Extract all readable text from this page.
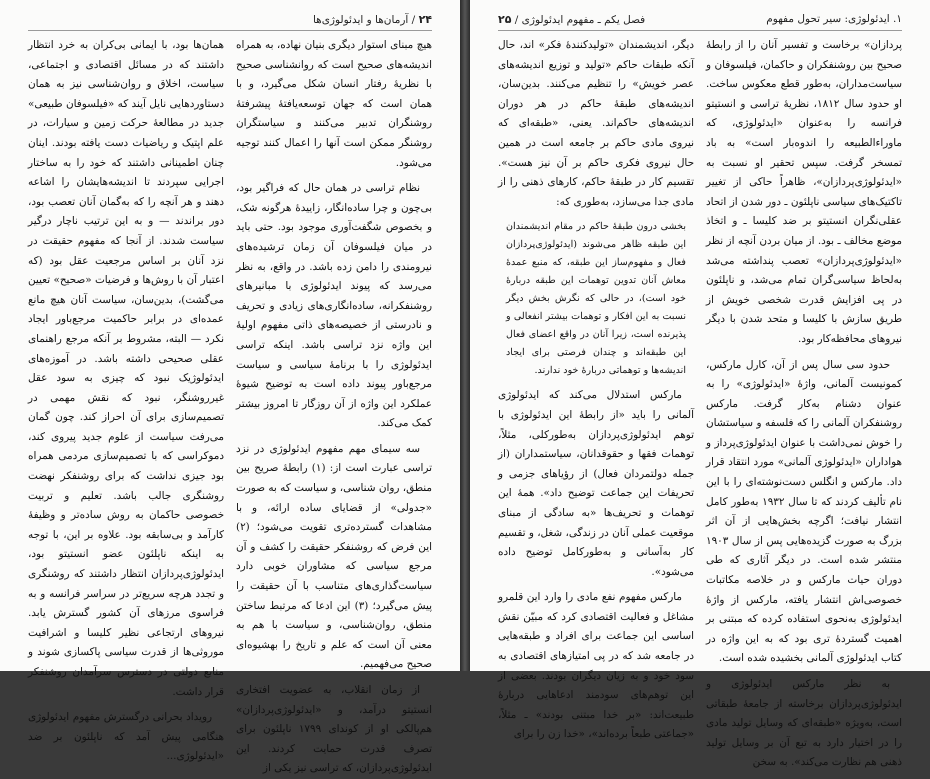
۲۴ / آرمان‌ها و ایدئولوژی‌ها

هیچ مبنای استوار دیگری بنیان نهاده، به همراه اندیشه‌های صحیح است که روانشناسی صحیح با نظریهٔ رفتار انسان شکل می‌گیرد، و با همان است که جهان توسعه‌یافتهٔ پیشرفتهٔ روشنگران تدبیر می‌کنند و سیاستگران روشنگر ممکن است آنها را اعمال کنند توجیه می‌شود.

نظام تراسی در همان حال که فراگیر بود، بی‌چون و چرا ساده‌انگار، زاییدهٔ هرگونه شک، و بخصوص شگفت‌آوری موجود بود. حتی باید در میان فیلسوفان آن زمان ترشیده‌های نیرومندی را دامن زده باشد. در واقع، به نظر می‌رسد که پیوند ایدئولوژی با مبانیرهای روشنفکرانه، ساده‌انگاری‌های زیادی و تحریف و نادرستی از خصیصه‌های ذاتی مفهوم اولیهٔ این واژه نزد تراسی باشد. اینکه تراسی ایدئولوژی را با برنامهٔ سیاسی و سیاست مرجع‌باور پیوند داده است به توضیح شیوهٔ عملکرد این واژه از آن روزگار تا امروز بیشتر کمک می‌کند.

سه سیمای مهم مفهوم ایدئولوژی در نزد تراسی عبارت است از: (۱) رابطهٔ صریح بین منطق، روان شناسی، و سیاست که به صورت «جدولی» از قضایای ساده ارائه، و با مشاهدات گسترده‌تری تقویت می‌شود؛ (۲) این فرض که روشنفکر حقیقت را کشف و آن مرجع سیاسی که مشاوران خوبی دارد سیاست‌گذاری‌های متناسب با آن حقیقت را پیش می‌گیرد؛ (۳) این ادعا که مرتبط ساختن منطق، روان‌شناسی، و سیاست با هم به معنی آن است که علم و تاریخ را بهشیوه‌ای صحیح می‌فهمیم.

از زمان انقلاب، به عضویت افتخاری انستیتو درآمد، و «ایدئولوژی‌پردازان» هم‌پالکی او از کوندای ۱۷۹۹ ناپلئون برای تصرف قدرت حمایت کردند. این ایدئولوژی‌پردازان، که تراسی نیز یکی از

همان‌ها بود، با ایمانی بی‌کران به خرد انتظار داشتند که در مسائل اقتصادی و اجتماعی، سیاست، اخلاق و روان‌شناسی نیز به همان دستاوردهایی نایل آیند که «فیلسوفان طبیعی» جدید در مطالعهٔ حرکت زمین و سیارات، در علم اپتیک و ریاضیات دست یافته بودند. اینان چنان اطمینانی داشتند که خود را به ساختار اجرایی سپردند تا اندیشه‌هایشان را اشاعه دهند و هر آنچه را که به‌گمان آنان تعصب بود، دور براندند — و به این ترتیب ناچار درگیر سیاست شدند. از آنجا که مفهوم حقیقت در نزد آنان بر اساس مرجعیت عقل بود (که اعتبار آن با روش‌ها و فرضیات «صحیح» تعیین می‌گشت)، بدین‌سان، سیاست آنان هیچ مانع عمده‌ای در برابر حاکمیت مرجع‌باور ایجاد نکرد — البته، مشروط بر آنکه مرجع راهنمای عقلی صحیحی داشته باشد. در آموزه‌های ایدئولوژیک نبود که چیزی به سود عقل غیرروشنگر، نبود که نقش مهمی در تصمیم‌سازی برای آن احراز کند. چون گمان می‌رفت سیاست از علوم جدید پیروی کند، دموکراسی که با تصمیم‌سازی مردمی همراه بود جیزی نداشت که برای روشنفکر نهضت روشنگری جالب باشد. تعلیم و تربیت خصوصی حاکمان به روش ساده‌تر و وظیفهٔ کارآمد و بی‌سابقه بود. علاوه بر این، با توجه به اینکه ناپلئون عضو انستیتو بود، ایدئولوژی‌پردازان انتظار داشتند که روشنگری و تجدد هرچه سریع‌تر در سراسر فرانسه و به فراسوی مرزهای آن کشور گسترش یابد. نیروهای ارتجاعی نظیر کلیسا و اشرافیت موروثی‌ها از قدرت سیاسی پاکسازی شوند و منابع دولتی در دسترس سرآمدان روشنفکر قرار داشت.

رویداد بحرانی درگسترش مفهوم ایدئولوژی هنگامی پیش آمد که ناپلئون بر ضد «ایدئولوژی...

۱. ایدئولوژی: سیر تحول مفهوم
فصل یکم ـ مفهوم ایدئولوژی / ۲۵

پردازان» برخاست و تفسیر آنان را از رابطهٔ صحیح بین روشنفکران و حاکمان، فیلسوفان و سیاست‌مداران، به‌طور قطع معکوس ساخت. او حدود سال ۱۸۱۲، نظریهٔ تراسی و انستیتو فرانسه را به‌عنوان «ایدئولوژی، که ماوراءالطبیعه را اندوه‌بار است» به باد تمسخر گرفت. سپس تحقیر او نسبت به «ایدئولوژی‌پردازان»، ظاهراً حاکی از تغییر تاکتیک‌های سیاسی ناپلئون ـ دور شدن از اتحاد عقلی‌نگران انستیتو بر ضد کلیسا ـ و اتخاذ موضع مخالف ـ بود. از میان بردن آنچه از نظر «ایدئولوژی‌پردازان» تعصب پنداشته می‌شد به‌لحاظ سیاسی‌گران تمام می‌شد، و ناپلئون در پی افزایش قدرت شخصی خویش از طریق سازش با کلیسا و متحد شدن با دیگر نیروهای محافظه‌کار بود.

حدود سی سال پس از آن، کارل مارکس، کمونیست آلمانی، واژهٔ «ایدئولوژی» را به عنوان دشنام به‌کار گرفت. مارکس روشنفکران آلمانی را که فلسفه و سیاستشان را خوش نمی‌داشت با عنوان ایدئولوژی‌پرداز و هواداران «ایدئولوژی آلمانی» مورد انتقاد قرار داد. مارکس و انگلس دست‌نوشته‌ای را با این نام تألیف کردند که تا سال ۱۹۳۲ به‌طور کامل انتشار نیافت؛ اگرچه بخش‌هایی از آن اثر بزرگ به صورت گزیده‌هایی پس از سال ۱۹۰۳ منتشر شده است. در دیگر آثاری که طی دوران حیات مارکس و در خلاصه مکاتبات خصوصی‌اش انتشار یافته، مارکس از واژهٔ ایدئولوژی به‌نحوی استفاده کرده که مبتنی بر اهمیت گستردهٔ تری بود که به این واژه در کتاب ایدئولوژی آلمانی بخشیده شده است.

به نظر مارکس ایدئولوژی و ایدئولوژی‌پردازان برخاسته از جامعهٔ طبقاتی است، به‌ویژه «طبقه‌ای که وسایل تولید مادی را در اختیار دارد به تبع آن بر وسایل تولید ذهنی هم نظارت می‌کند». به سخن

دیگر، اندیشمندان «تولیدکنندهٔ فکر» اند، حال آنکه طبقات حاکم «تولید و توزیع اندیشه‌های عصر خویش» را تنظیم می‌کنند. بدین‌سان، اندیشه‌های طبقهٔ حاکم در هر دوران اندیشه‌های حاکم‌اند. یعنی، «طبقه‌ای که نیروی مادی حاکم بر جامعه است در همین حال نیروی فکری حاکم بر آن نیز هست». تقسیم کار در طبقهٔ حاکم، کارهای ذهنی را از مادی جدا می‌سازد، به‌طوری که:

بخشی درون طبقهٔ حاکم در مقام اندیشمندان این طبقه ظاهر می‌شوند (ایدئولوژی‌پردازان فعال و مفهوم‌ساز این طبقه، که منبع عمدهٔ معاش آنان تدوین توهمات این طبقه دربارهٔ خود است)، در حالی که نگرش بخش دیگر نسبت به این افکار و توهمات بیشتر انفعالی و پذیرنده است، زیرا آنان در واقع اعضای فعال این طبقه‌اند و چندان فرصتی برای ایجاد اندیشه‌ها و توهماتی دربارهٔ خود ندارند.

مارکس استدلال می‌کند که ایدئولوژی آلمانی را باید «از رابطهٔ این ایدئولوژی با توهم ایدئولوژی‌پردازان به‌طورکلی، مثلاً، توهمات فقها و حقوقدانان، سیاستمداران (از جمله دولتمردان فعال) از رؤیاهای جزمی و تحریفات این جماعت توضیح داد». همهٔ این توهمات و تحریف‌ها «به سادگی از مبنای موقعیت عملی آنان در زندگی، شغل، و تقسیم کار به‌آسانی و به‌طورکامل توضیح داده می‌شود».

مارکس مفهوم نفع مادی را وارد این قلمرو مشاغل و فعالیت اقتصادی کرد که مبیّن نقش اساسی این جماعت برای افراد و طبقه‌هایی در جامعه شد که در پی امتیازهای اقتصادی به سود خود و به زیان دیگران بودند. بعضی از این توهم‌های سودمند ادعاهایی دربارهٔ طبیعت‌اند: «بر خدا مبتنی بودند» ـ مثلاً، «جماعتی طبعاً برده‌اند»، «خدا زن را برای
